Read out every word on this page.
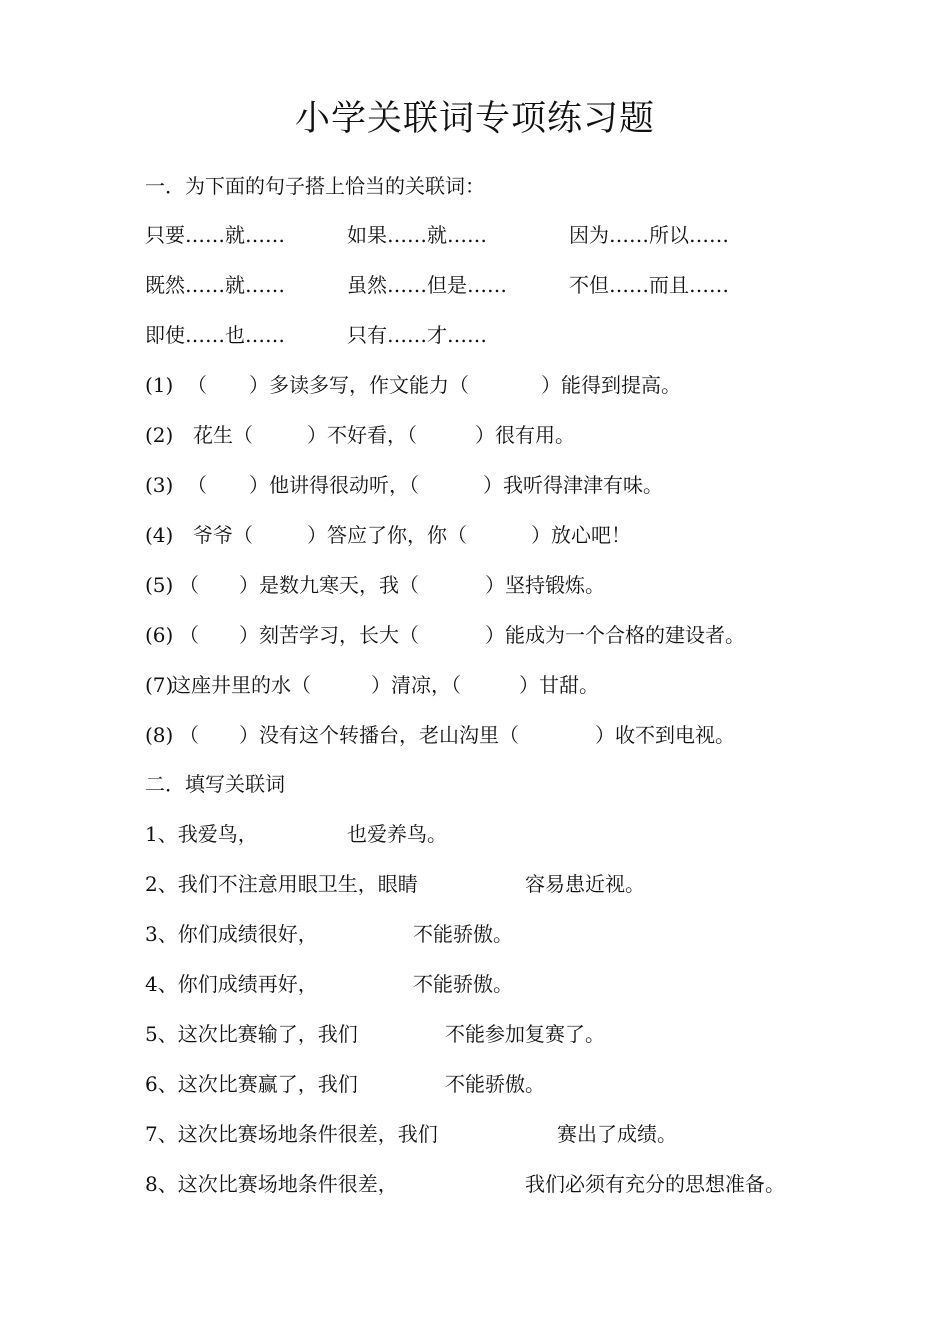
小学关联词专项练习题
一．为下面的句子搭上恰当的关联词：
只要……就……	如果……就……	因为……所以……
既然……就……	虽然……但是……	不但……而且……
即使……也……	只有……才……
(1) （ ）多读多写，作文能力（	）能得到提高。
(2) 花生（	）不好看，（	）很有用。
(3) （ ）他讲得很动听，（	）我听得津津有味。
(4) 爷爷（	）答应了你，你（	）放心吧！
(5) （ ）是数九寒天，我（	）坚持锻炼。
(6) （ ）刻苦学习，长大（	）能成为一个合格的建设者。
(7)
这座井里的水（	）清凉，（	）甘甜。
(8) （ ）没有这个转播台，老山沟里（	）收不到电视。
二．填写关联词
1、我爱鸟，	也爱养鸟。
2、我们不注意用眼卫生，眼睛	容易患近视。
3、你们成绩很好，	不能骄傲。
4、你们成绩再好，	不能骄傲。
5、这次比赛输了，我们	不能参加复赛了。
6、这次比赛赢了，我们	不能骄傲。
7、这次比赛场地条件很差，我们	赛出了成绩。
8、这次比赛场地条件很差，	我们必须有充分的思想准备。
